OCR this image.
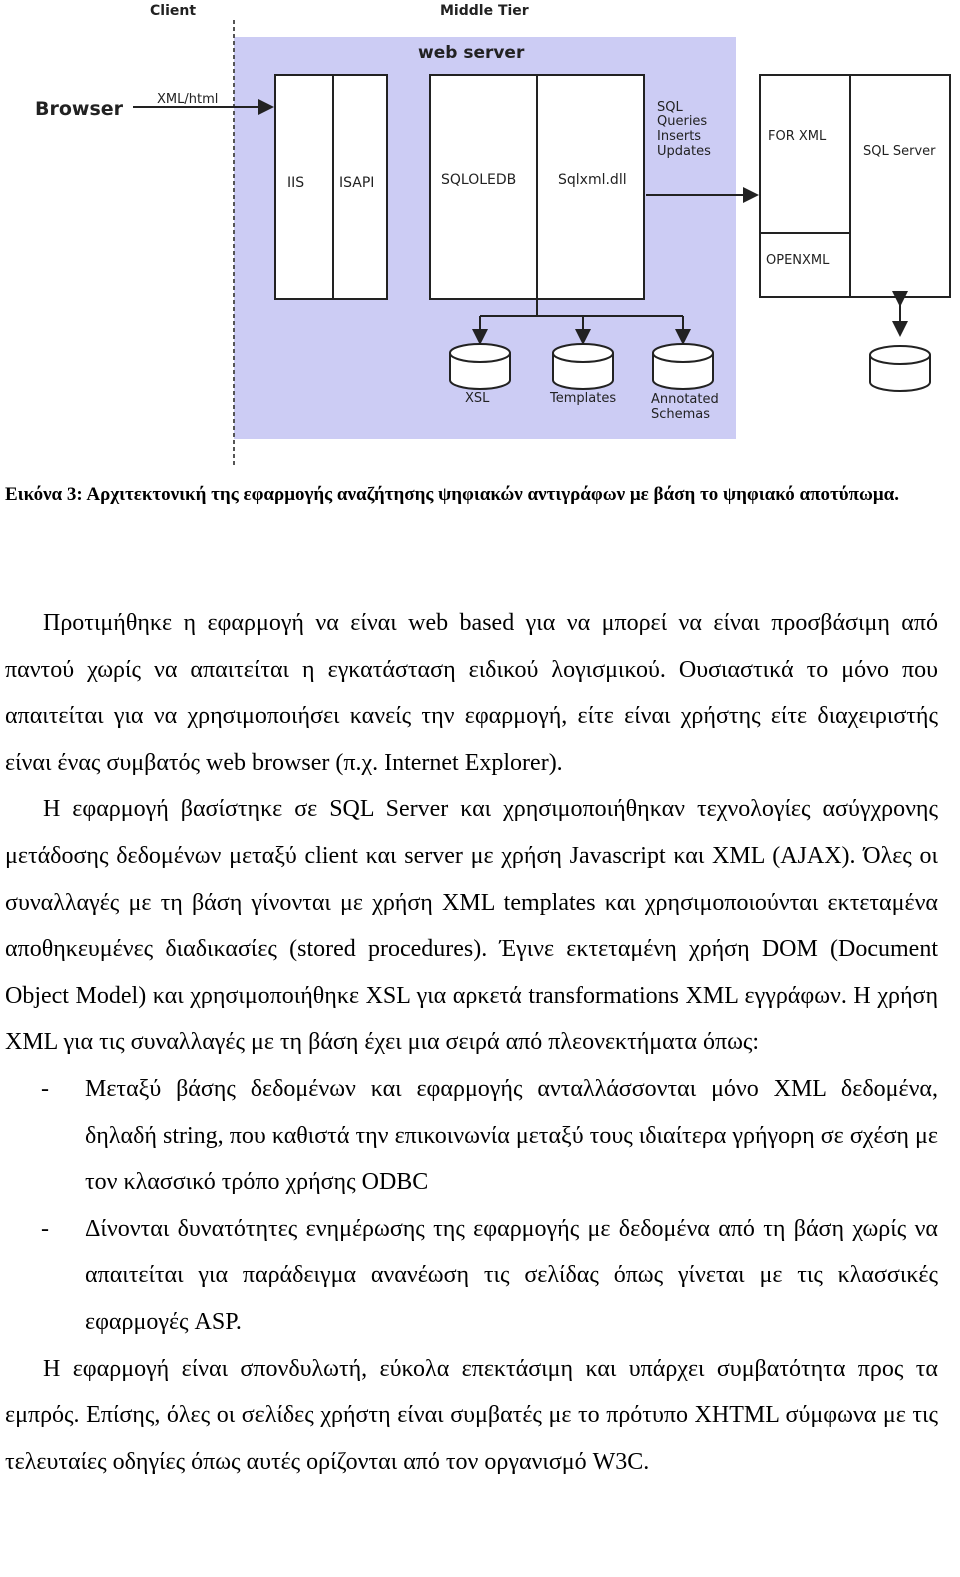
Client	Middle Tier
web server
Browser	XML/html
IIS ISAPI	SQLOLEDB	Sqlxml.dll
SQL
Queries
Inserts
Updates
FOR XML
SQL Server
OPENXML
XSL	Templates	Annotated
Schemas

Εικόνα 3: Αρχιτεκτονική της εφαρμογής αναζήτησης ψηφιακών αντιγράφων με βάση το ψηφιακό αποτύπωμα.

Προτιμήθηκε η εφαρμογή να είναι web based για να μπορεί να είναι προσβάσιμη από παντού χωρίς να απαιτείται η εγκατάσταση ειδικού λογισμικού. Ουσιαστικά το μόνο που απαιτείται για να χρησιμοποιήσει κανείς την εφαρμογή, είτε είναι χρήστης είτε διαχειριστής είναι ένας συμβατός web browser (π.χ. Internet Explorer).

Η εφαρμογή βασίστηκε σε SQL Server και χρησιμοποιήθηκαν τεχνολογίες ασύγχρονης μετάδοσης δεδομένων μεταξύ client και server με χρήση Javascript και XML (AJAX). Όλες οι συναλλαγές με τη βάση γίνονται με χρήση XML templates και χρησιμοποιούνται εκτεταμένα αποθηκευμένες διαδικασίες (stored procedures). Έγινε εκτεταμένη χρήση DOM (Document Object Model) και χρησιμοποιήθηκε XSL για αρκετά transformations XML εγγράφων. Η χρήση XML για τις συναλλαγές με τη βάση έχει μια σειρά από πλεονεκτήματα όπως:

- Μεταξύ βάσης δεδομένων και εφαρμογής ανταλλάσσονται μόνο XML δεδομένα, δηλαδή string, που καθιστά την επικοινωνία μεταξύ τους ιδιαίτερα γρήγορη σε σχέση με τον κλασσικό τρόπο χρήσης ODBC

- Δίνονται δυνατότητες ενημέρωσης της εφαρμογής με δεδομένα από τη βάση χωρίς να απαιτείται για παράδειγμα ανανέωση τις σελίδας όπως γίνεται με τις κλασσικές εφαρμογές ASP.

Η εφαρμογή είναι σπονδυλωτή, εύκολα επεκτάσιμη και υπάρχει συμβατότητα προς τα εμπρός. Επίσης, όλες οι σελίδες χρήστη είναι συμβατές με το πρότυπο XHTML σύμφωνα με τις τελευταίες οδηγίες όπως αυτές ορίζονται από τον οργανισμό W3C.
